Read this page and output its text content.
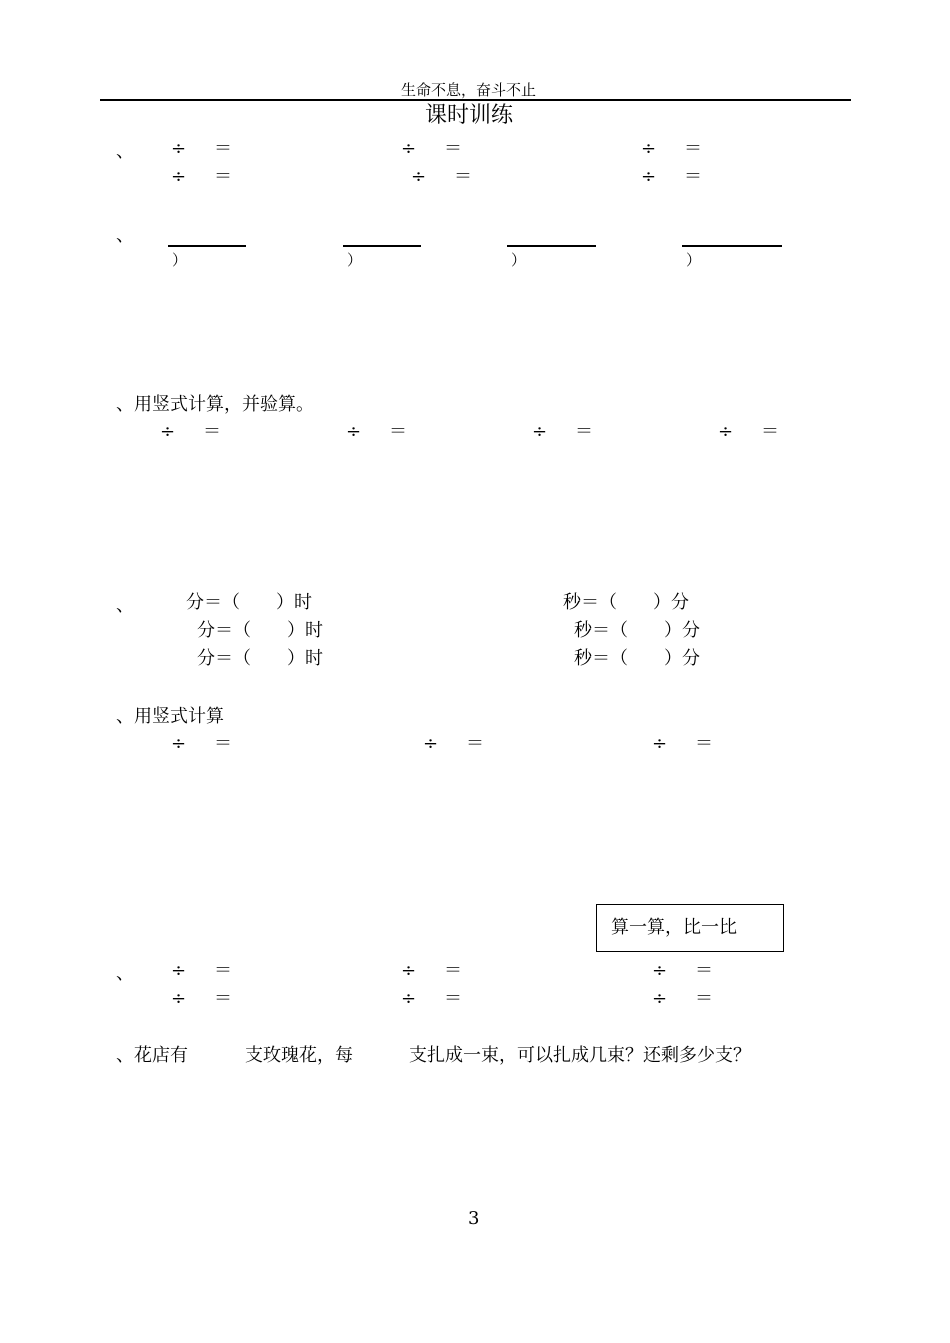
生命不息，奋斗不止
课时训练
、 ÷ ＝	÷ ＝	÷ ＝
÷ ＝	÷ ＝	÷ ＝
、
）	）	）	）
、用竖式计算，并验算。
÷ ＝	÷ ＝	÷ ＝	÷ ＝
、	分＝（　　）时	秒＝（　　）分
分＝（　　）时	秒＝（　　）分
分＝（　　）时	秒＝（　　）分
、用竖式计算
÷ ＝	÷ ＝	÷ ＝
算一算，比一比
、 ÷ ＝	÷ ＝	÷ ＝
÷ ＝	÷ ＝	÷ ＝
、花店有	支玫瑰花，每	支扎成一束，可以扎成几束？还剩多少支？
3
